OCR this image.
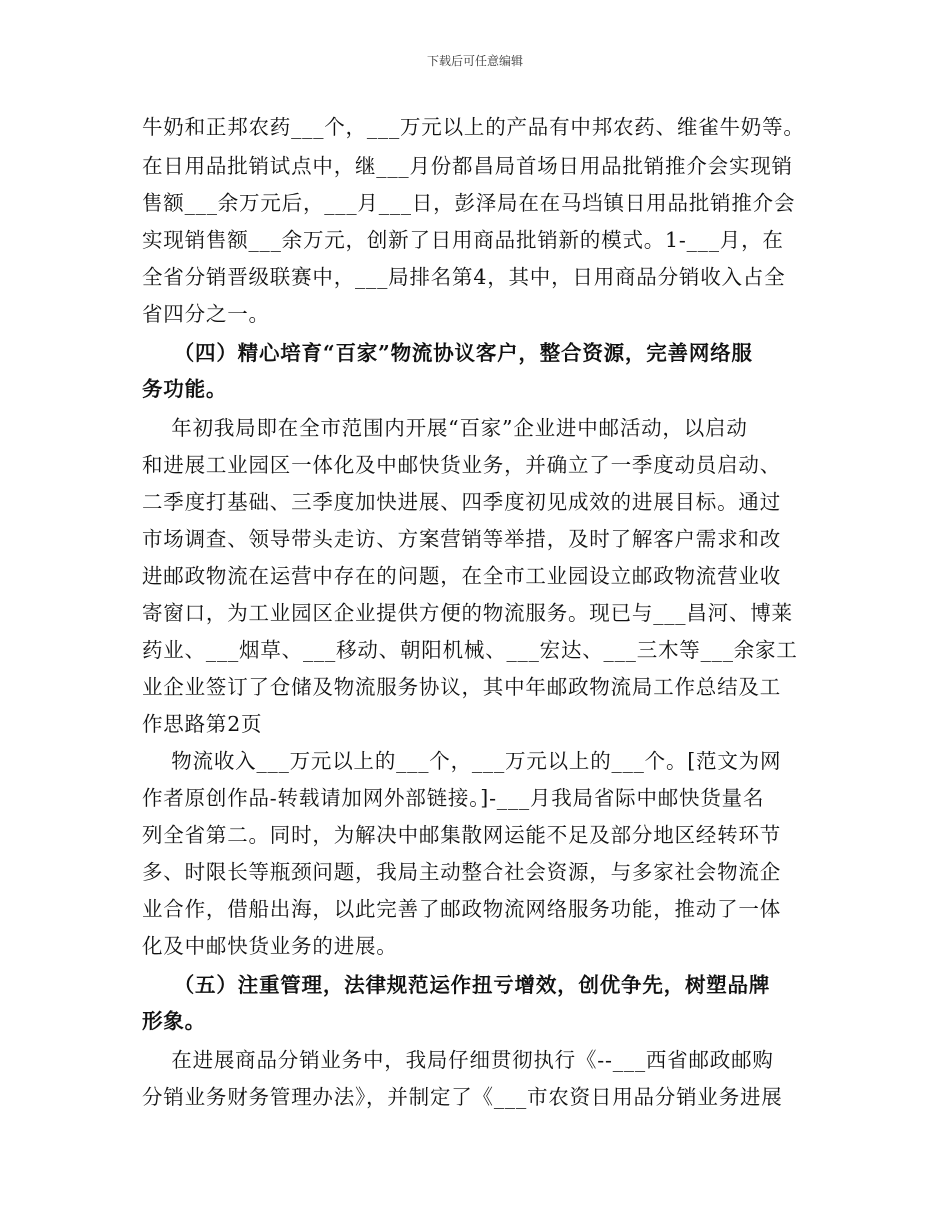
下载后可任意编辑
牛奶和正邦农药___个，___万元以上的产品有中邦农药、维雀牛奶等。
在日用品批销试点中，继___月份都昌局首场日用品批销推介会实现销
售额___余万元后，___月___日，彭泽局在在马垱镇日用品批销推介会
实现销售额___余万元，创新了日用商品批销新的模式。1-___月，在
全省分销晋级联赛中，___局排名第4，其中，日用商品分销收入占全
省四分之一。
（四）精心培育“百家”物流协议客户，整合资源，完善网络服
务功能。
年初我局即在全市范围内开展“百家”企业进中邮活动，以启动
和进展工业园区一体化及中邮快货业务，并确立了一季度动员启动、
二季度打基础、三季度加快进展、四季度初见成效的进展目标。通过
市场调查、领导带头走访、方案营销等举措，及时了解客户需求和改
进邮政物流在运营中存在的问题，在全市工业园设立邮政物流营业收
寄窗口，为工业园区企业提供方便的物流服务。现已与___昌河、博莱
药业、___烟草、___移动、朝阳机械、___宏达、___三木等___余家工
业企业签订了仓储及物流服务协议，其中年邮政物流局工作总结及工
作思路第2页
物流收入___万元以上的___个，___万元以上的___个。[范文为网
作者原创作品-转载请加网外部链接。]-___月我局省际中邮快货量名
列全省第二。同时，为解决中邮集散网运能不足及部分地区经转环节
多、时限长等瓶颈问题，我局主动整合社会资源，与多家社会物流企
业合作，借船出海，以此完善了邮政物流网络服务功能，推动了一体
化及中邮快货业务的进展。
（五）注重管理，法律规范运作扭亏增效，创优争先，树塑品牌
形象。
在进展商品分销业务中，我局仔细贯彻执行《--___西省邮政邮购
分销业务财务管理办法》，并制定了《___市农资日用品分销业务进展
